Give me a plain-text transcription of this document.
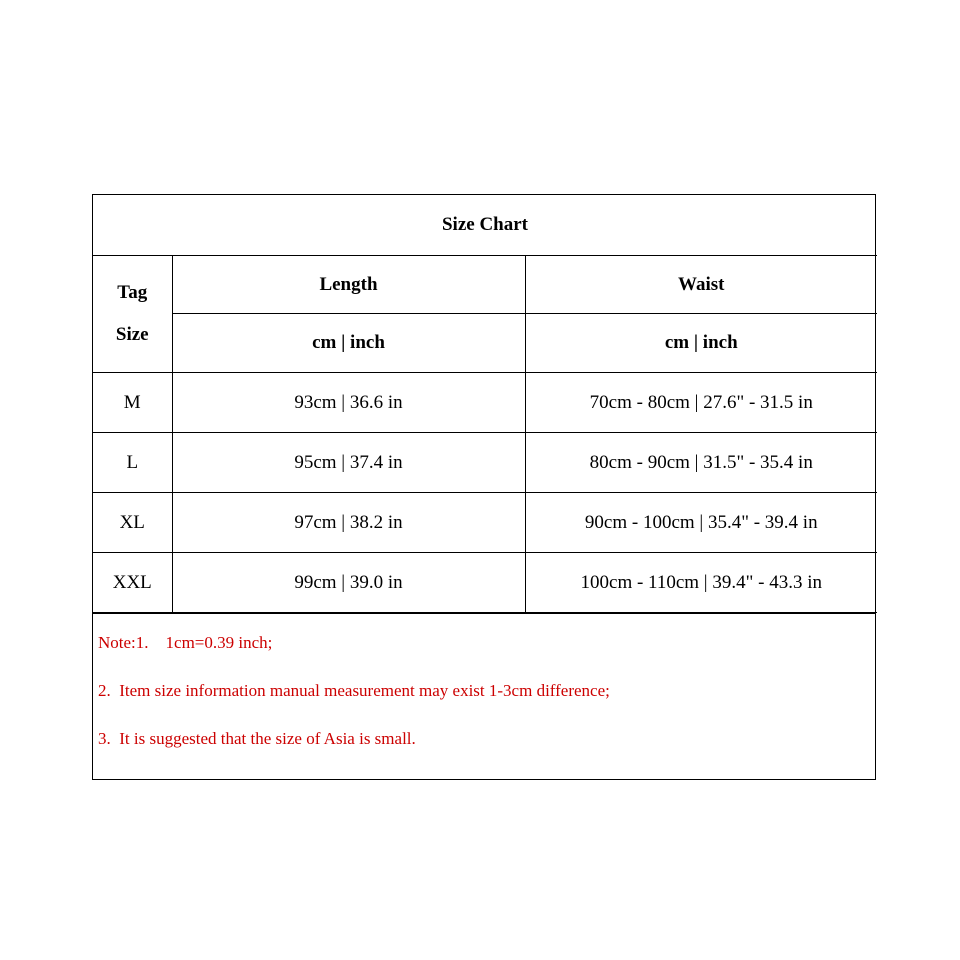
Size Chart		

Tag
Size	Length	Waist
	cm | inch	cm | inch
M	93cm | 36.6 in	70cm - 80cm | 27.6" - 31.5 in
L	95cm | 37.4 in	80cm - 90cm | 31.5" - 35.4 in
XL	97cm | 38.2 in	90cm - 100cm | 35.4" - 39.4 in
XXL	99cm | 39.0 in	100cm - 110cm | 39.4" - 43.3 in
Note:1.    1cm=0.39 inch;
2.  Item size information manual measurement may exist 1-3cm difference;
3.  It is suggested that the size of Asia is small.
